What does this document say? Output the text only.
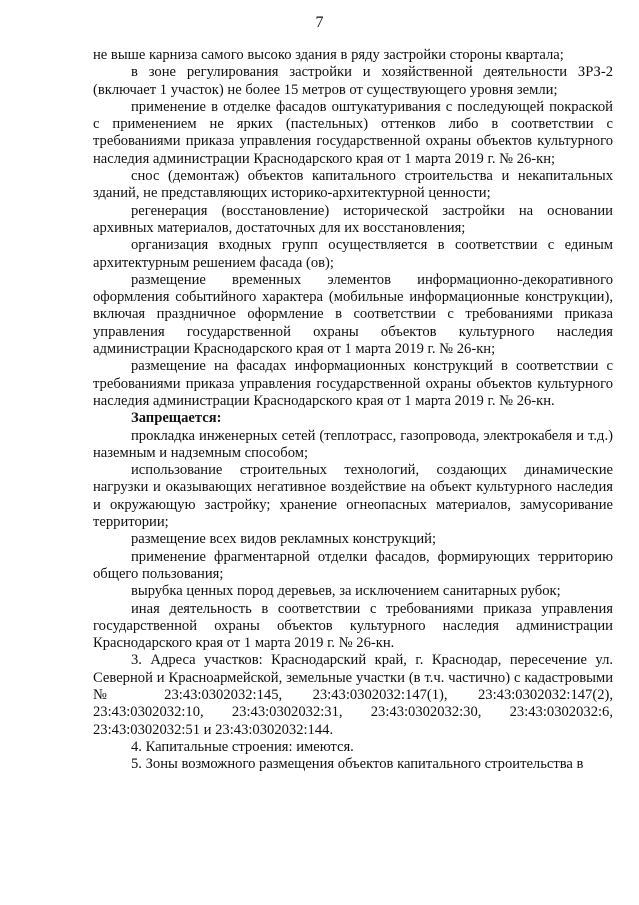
7

не выше карниза самого высоко здания в ряду застройки стороны квартала;

в зоне регулирования застройки и хозяйственной деятельности ЗРЗ-2 (включает 1 участок) не более 15 метров от существующего уровня земли;

применение в отделке фасадов оштукатуривания с последующей покраской с применением не ярких (пастельных) оттенков либо в соответствии с требованиями приказа управления государственной охраны объектов культурного наследия администрации Краснодарского края от 1 марта 2019 г. № 26-кн;

снос (демонтаж) объектов капитального строительства и некапитальных зданий, не представляющих историко-архитектурной ценности;

регенерация (восстановление) исторической застройки на основании архивных материалов, достаточных для их восстановления;

организация входных групп осуществляется в соответствии с единым архитектурным решением фасада (ов);

размещение временных элементов информационно-декоративного оформления событийного характера (мобильные информационные конструкции), включая праздничное оформление в соответствии с требованиями приказа управления государственной охраны объектов культурного наследия администрации Краснодарского края от 1 марта 2019 г. № 26-кн;

размещение на фасадах информационных конструкций в соответствии с требованиями приказа управления государственной охраны объектов культурного наследия администрации Краснодарского края от 1 марта 2019 г. № 26-кн.

Запрещается:

прокладка инженерных сетей (теплотрасс, газопровода, электрокабеля и т.д.) наземным и надземным способом;

использование строительных технологий, создающих динамические нагрузки и оказывающих негативное воздействие на объект культурного наследия и окружающую застройку; хранение огнеопасных материалов, замусоривание территории;

размещение всех видов рекламных конструкций;

применение фрагментарной отделки фасадов, формирующих территорию общего пользования;

вырубка ценных пород деревьев, за исключением санитарных рубок;

иная деятельность в соответствии с требованиями приказа управления государственной охраны объектов культурного наследия администрации Краснодарского края от 1 марта 2019 г. № 26-кн.

3. Адреса участков: Краснодарский край, г. Краснодар, пересечение ул. Северной и Красноармейской, земельные участки (в т.ч. частично) с кадастровыми № 23:43:0302032:145, 23:43:0302032:147(1), 23:43:0302032:147(2), 23:43:0302032:10, 23:43:0302032:31, 23:43:0302032:30, 23:43:0302032:6, 23:43:0302032:51 и 23:43:0302032:144.

4. Капитальные строения: имеются.

5. Зоны возможного размещения объектов капитального строительства в
